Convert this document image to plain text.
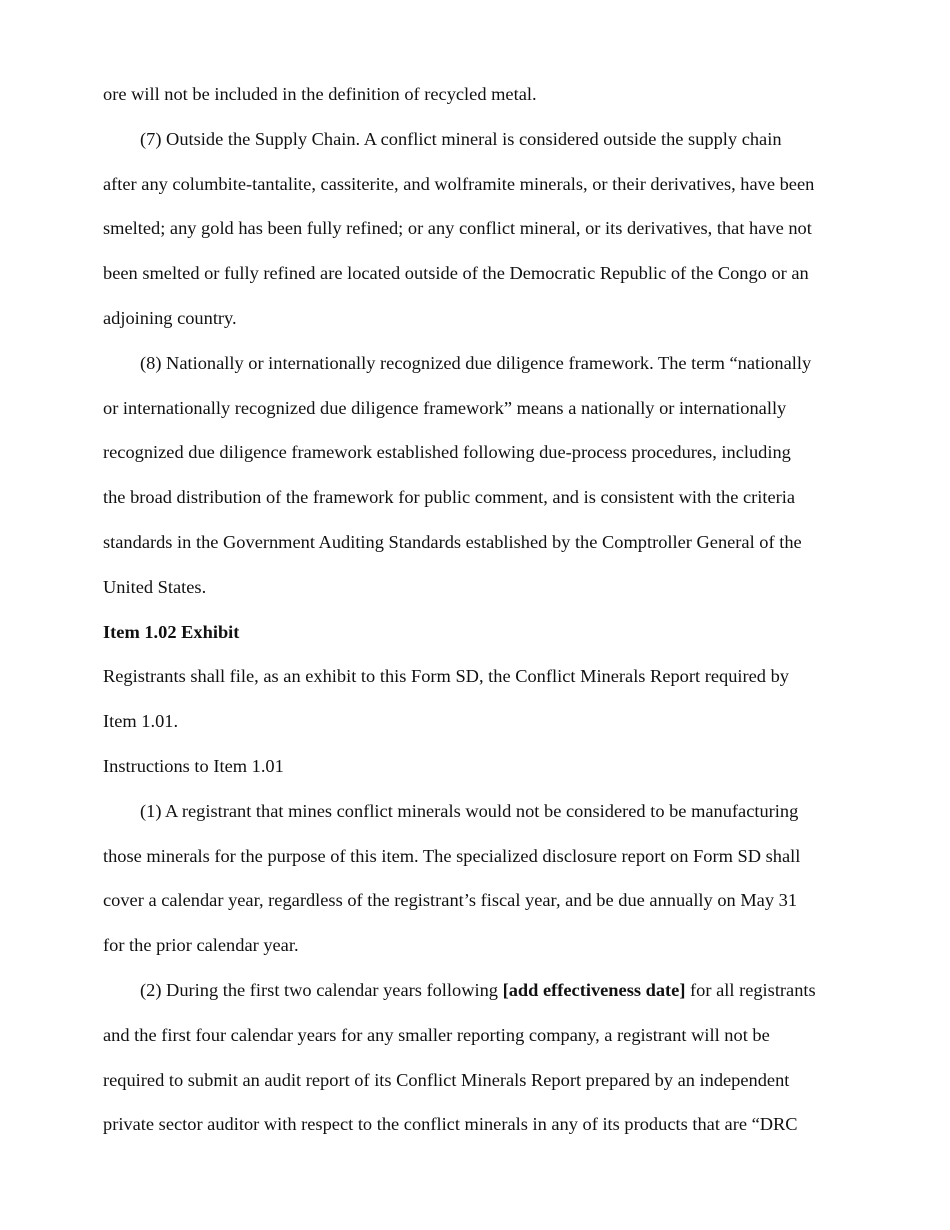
ore will not be included in the definition of recycled metal.
(7) Outside the Supply Chain. A conflict mineral is considered outside the supply chain
after any columbite-tantalite, cassiterite, and wolframite minerals, or their derivatives, have been
smelted; any gold has been fully refined; or any conflict mineral, or its derivatives, that have not
been smelted or fully refined are located outside of the Democratic Republic of the Congo or an
adjoining country.
(8) Nationally or internationally recognized due diligence framework. The term “nationally
or internationally recognized due diligence framework” means a nationally or internationally
recognized due diligence framework established following due-process procedures, including
the broad distribution of the framework for public comment, and is consistent with the criteria
standards in the Government Auditing Standards established by the Comptroller General of the
United States.
Item 1.02 Exhibit
Registrants shall file, as an exhibit to this Form SD, the Conflict Minerals Report required by
Item 1.01.
Instructions to Item 1.01
(1) A registrant that mines conflict minerals would not be considered to be manufacturing
those minerals for the purpose of this item. The specialized disclosure report on Form SD shall
cover a calendar year, regardless of the registrant’s fiscal year, and be due annually on May 31
for the prior calendar year.
(2) During the first two calendar years following [add effectiveness date] for all registrants
and the first four calendar years for any smaller reporting company, a registrant will not be
required to submit an audit report of its Conflict Minerals Report prepared by an independent
private sector auditor with respect to the conflict minerals in any of its products that are “DRC
